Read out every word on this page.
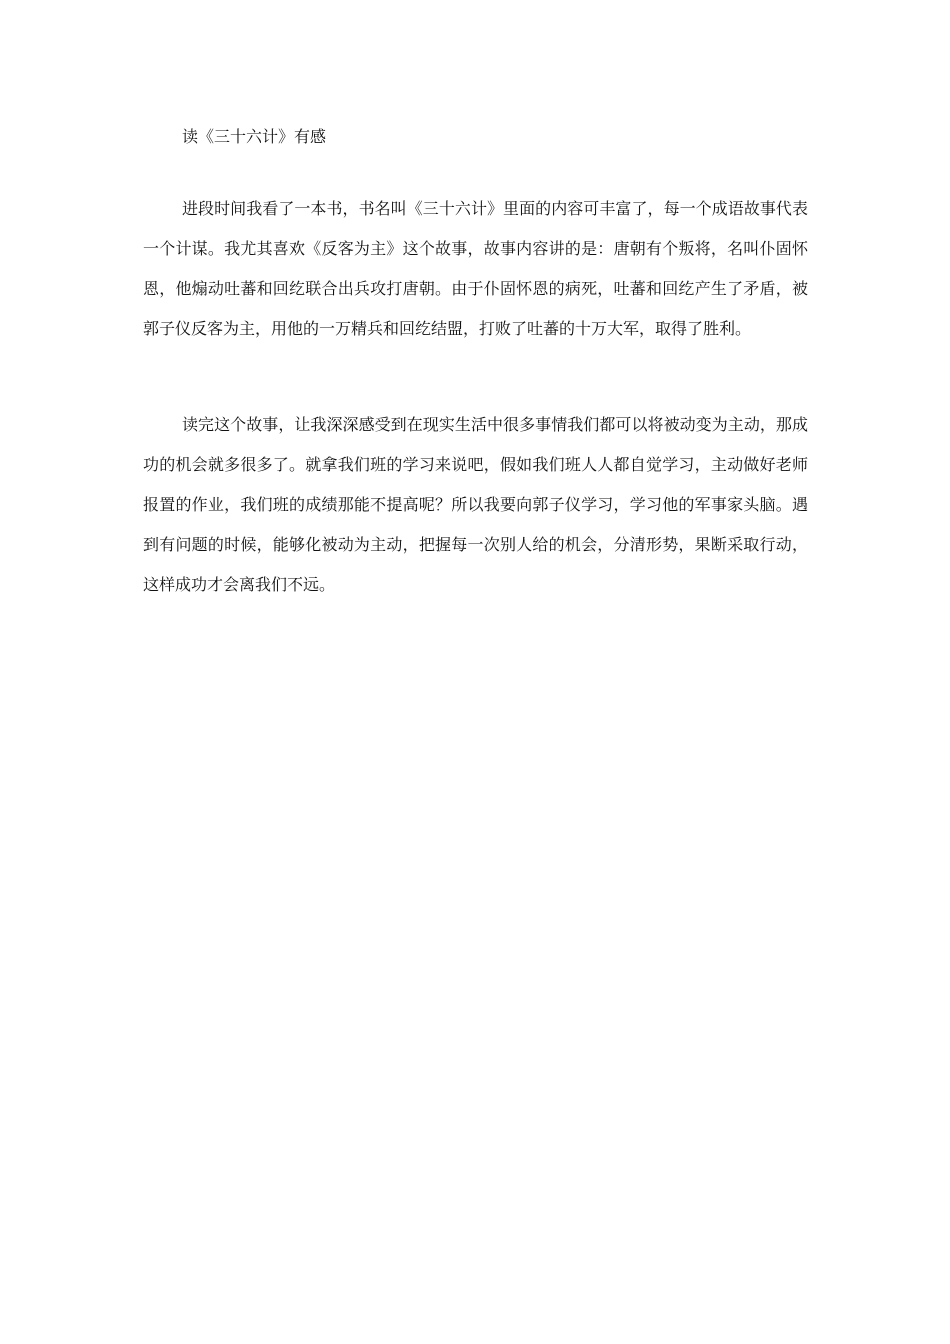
读《三十六计》有感

进段时间我看了一本书，书名叫《三十六计》里面的内容可丰富了，每一个成语故事代表一个计谋。我尤其喜欢《反客为主》这个故事，故事内容讲的是：唐朝有个叛将，名叫仆固怀恩，他煽动吐蕃和回纥联合出兵攻打唐朝。由于仆固怀恩的病死，吐蕃和回纥产生了矛盾，被郭子仪反客为主，用他的一万精兵和回纥结盟，打败了吐蕃的十万大军，取得了胜利。

读完这个故事，让我深深感受到在现实生活中很多事情我们都可以将被动变为主动，那成功的机会就多很多了。就拿我们班的学习来说吧，假如我们班人人都自觉学习，主动做好老师报置的作业，我们班的成绩那能不提高呢？所以我要向郭子仪学习，学习他的军事家头脑。遇到有问题的时候，能够化被动为主动，把握每一次别人给的机会，分清形势，果断采取行动，这样成功才会离我们不远。
